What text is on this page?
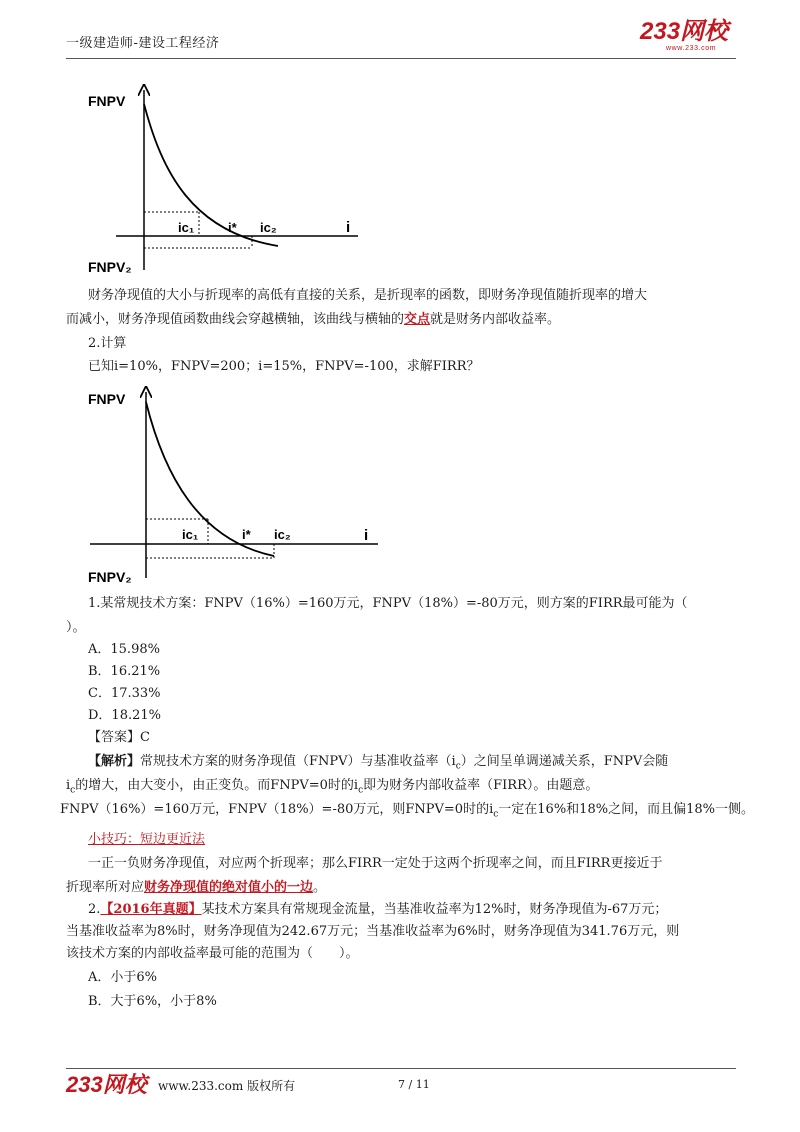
一级建造师-建设工程经济	233网校
www.233.com
FNPV
i
ic₁	i* ic₂
FNPV₂
财务净现值的大小与折现率的高低有直接的关系，是折现率的函数，即财务净现值随折现率的增大
而减小，财务净现值函数曲线会穿越横轴，该曲线与横轴的交点就是财务内部收益率。
2.计算
已知i=10%，FNPV=200；i=15%，FNPV=-100，求解FIRR？
FNPV
i
ic₁	i* ic₂
FNPV₂
1.某常规技术方案：FNPV（16%）=160万元，FNPV（18%）=-80万元，则方案的FIRR最可能为（
）。
A．15.98%
B．16.21%
C．17.33%
D．18.21%
【答案】C
【解析】常规技术方案的财务净现值（FNPV）与基准收益率$(i_c)$之间呈单调递减关系，FNPV会随
$i_c$的增大，由大变小，由正变负。而FNPV=0时的$i_c$即为财务内部收益率（FIRR）。由题意。
FNPV（16%）=160万元，FNPV（18%）=-80万元，则FNPV=0时的$i_c$一定在16%和18%之间，而且偏18%一侧。
小技巧：短边更近法
一正一负财务净现值，对应两个折现率；那么FIRR一定处于这两个折现率之间，而且FIRR更接近于
折现率所对应财务净现值的绝对值小的一边。
2.【2016年真题】某技术方案具有常规现金流量，当基准收益率为12%时，财务净现值为-67万元；
当基准收益率为8%时，财务净现值为242.67万元；当基准收益率为6%时，财务净现值为341.76万元，则
该技术方案的内部收益率最可能的范围为（　　）。
A．小于6%
B．大于6%，小于8%
233网校 www.233.com 版权所有	7 / 11
